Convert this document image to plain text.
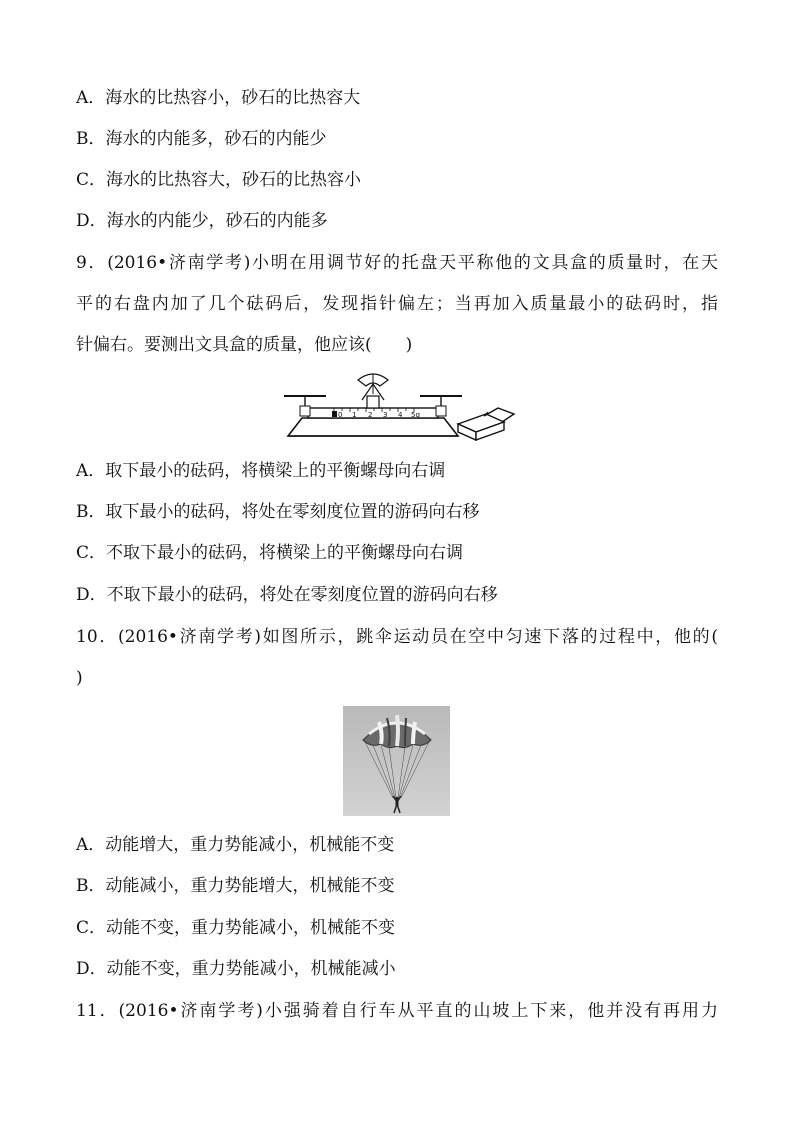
A．海水的比热容小，砂石的比热容大
B．海水的内能多，砂石的内能少
C．海水的比热容大，砂石的比热容小
D．海水的内能少，砂石的内能多
9．(2016•济南学考)小明在用调节好的托盘天平称他的文具盒的质量时，在天
平的右盘内加了几个砝码后，发现指针偏左；当再加入质量最小的砝码时，指
针偏右。要测出文具盒的质量，他应该(　　)
0 1 2 3 4 5g
A．取下最小的砝码，将横梁上的平衡螺母向右调
B．取下最小的砝码，将处在零刻度位置的游码向右移
C．不取下最小的砝码，将横梁上的平衡螺母向右调
D．不取下最小的砝码，将处在零刻度位置的游码向右移
10．(2016•济南学考)如图所示，跳伞运动员在空中匀速下落的过程中，他的(
)
A．动能增大，重力势能减小，机械能不变
B．动能减小，重力势能增大，机械能不变
C．动能不变，重力势能减小，机械能不变
D．动能不变，重力势能减小，机械能减小
11．(2016•济南学考)小强骑着自行车从平直的山坡上下来，他并没有再用力
